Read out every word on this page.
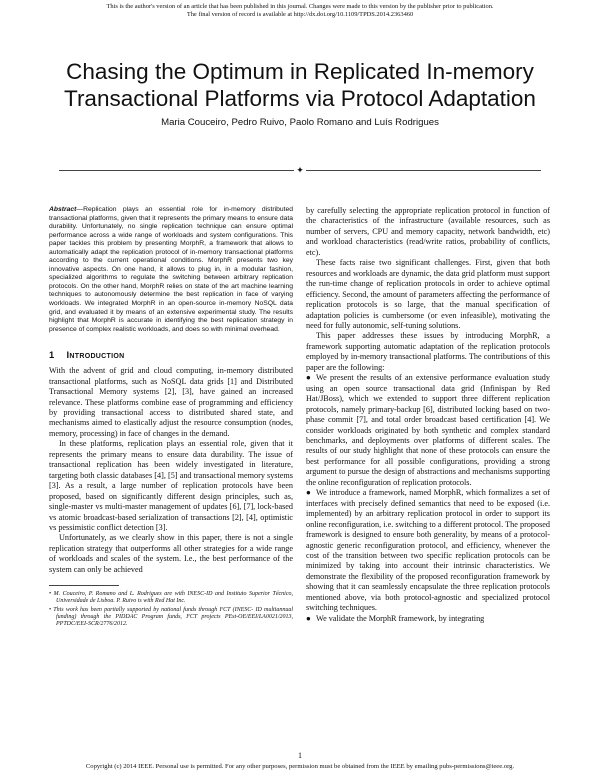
This is the author's version of an article that has been published in this journal. Changes were made to this version by the publisher prior to publication.
The final version of record is available at http://dx.doi.org/10.1109/TPDS.2014.2363460
Chasing the Optimum in Replicated In-memory
Transactional Platforms via Protocol Adaptation
Maria Couceiro, Pedro Ruivo, Paolo Romano and Luís Rodrigues
✦

Abstract—Replication plays an essential role for in-memory distributed transactional platforms, given that it represents the primary means to ensure data durability. Unfortunately, no single replication technique can ensure optimal performance across a wide range of workloads and system configurations. This paper tackles this problem by presenting MorphR, a framework that allows to automatically adapt the replication protocol of in-memory transactional platforms according to the current operational conditions. MorphR presents two key innovative aspects. On one hand, it allows to plug in, in a modular fashion, specialized algorithms to regulate the switching between arbitrary replication protocols. On the other hand, MorphR relies on state of the art machine learning techniques to autonomously determine the best replication in face of varying workloads. We integrated MorphR in an open-source in-memory NoSQL data grid, and evaluated it by means of an extensive experimental study. The results highlight that MorphR is accurate in identifying the best replication strategy in presence of complex realistic workloads, and does so with minimal overhead.

1 Introduction

With the advent of grid and cloud computing, in-memory distributed transactional platforms, such as NoSQL data grids [1] and Distributed Transactional Memory systems [2], [3], have gained an increased relevance. These platforms combine ease of programming and efficiency by providing transactional access to distributed shared state, and mechanisms aimed to elastically adjust the resource consumption (nodes, memory, processing) in face of changes in the demand.

In these platforms, replication plays an essential role, given that it represents the primary means to ensure data durability. The issue of transactional replication has been widely investigated in literature, targeting both classic databases [4], [5] and transactional memory systems [3]. As a result, a large number of replication protocols have been proposed, based on significantly different design principles, such as, single-master vs multi-master management of updates [6], [7], lock-based vs atomic broadcast-based serialization of transactions [2], [4], optimistic vs pessimistic conflict detection [3].

Unfortunately, as we clearly show in this paper, there is not a single replication strategy that outperforms all other strategies for a wide range of workloads and scales of the system. I.e., the best performance of the system can only be achieved

• M. Couceiro, P. Romano and L. Rodrigues are with INESC-ID and Instituto Superior Técnico, Universidade de Lisboa. P. Ruivo is with Red Hat Inc.

• This work has been partially supported by national funds through FCT (INESC- ID multiannual funding) through the PIDDAC Program funds, FCT projects PEst-OE/EEI/LA0021/2013, PPTDC/EEI-SCR/2776/2012.

by carefully selecting the appropriate replication protocol in function of the characteristics of the infrastructure (available resources, such as number of servers, CPU and memory capacity, network bandwidth, etc) and workload characteristics (read/write ratios, probability of conflicts, etc).

These facts raise two significant challenges. First, given that both resources and workloads are dynamic, the data grid platform must support the run-time change of replication protocols in order to achieve optimal efficiency. Second, the amount of parameters affecting the performance of replication protocols is so large, that the manual specification of adaptation policies is cumbersome (or even infeasible), motivating the need for fully autonomic, self-tuning solutions.

This paper addresses these issues by introducing MorphR, a framework supporting automatic adaptation of the replication protocols employed by in-memory transactional platforms. The contributions of this paper are the following:

● We present the results of an extensive performance evaluation study using an open source transactional data grid (Infinispan by Red Hat/JBoss), which we extended to support three different replication protocols, namely primary-backup [6], distributed locking based on two-phase commit [7], and total order broadcast based certification [4]. We consider workloads originated by both synthetic and complex standard benchmarks, and deployments over platforms of different scales. The results of our study highlight that none of these protocols can ensure the best performance for all possible configurations, providing a strong argument to pursue the design of abstractions and mechanisms supporting the online reconfiguration of replication protocols.
● We introduce a framework, named MorphR, which formalizes a set of interfaces with precisely defined semantics that need to be exposed (i.e. implemented) by an arbitrary replication protocol in order to support its online reconfiguration, i.e. switching to a different protocol. The proposed framework is designed to ensure both generality, by means of a protocol-agnostic generic reconfiguration protocol, and efficiency, whenever the cost of the transition between two specific replication protocols can be minimized by taking into account their intrinsic characteristics. We demonstrate the flexibility of the proposed reconfiguration framework by showing that it can seamlessly encapsulate the three replication protocols mentioned above, via both protocol-agnostic and specialized protocol switching techniques.
● We validate the MorphR framework, by integrating
1
Copyright (c) 2014 IEEE. Personal use is permitted. For any other purposes, permission must be obtained from the IEEE by emailing pubs-permissions@ieee.org.
